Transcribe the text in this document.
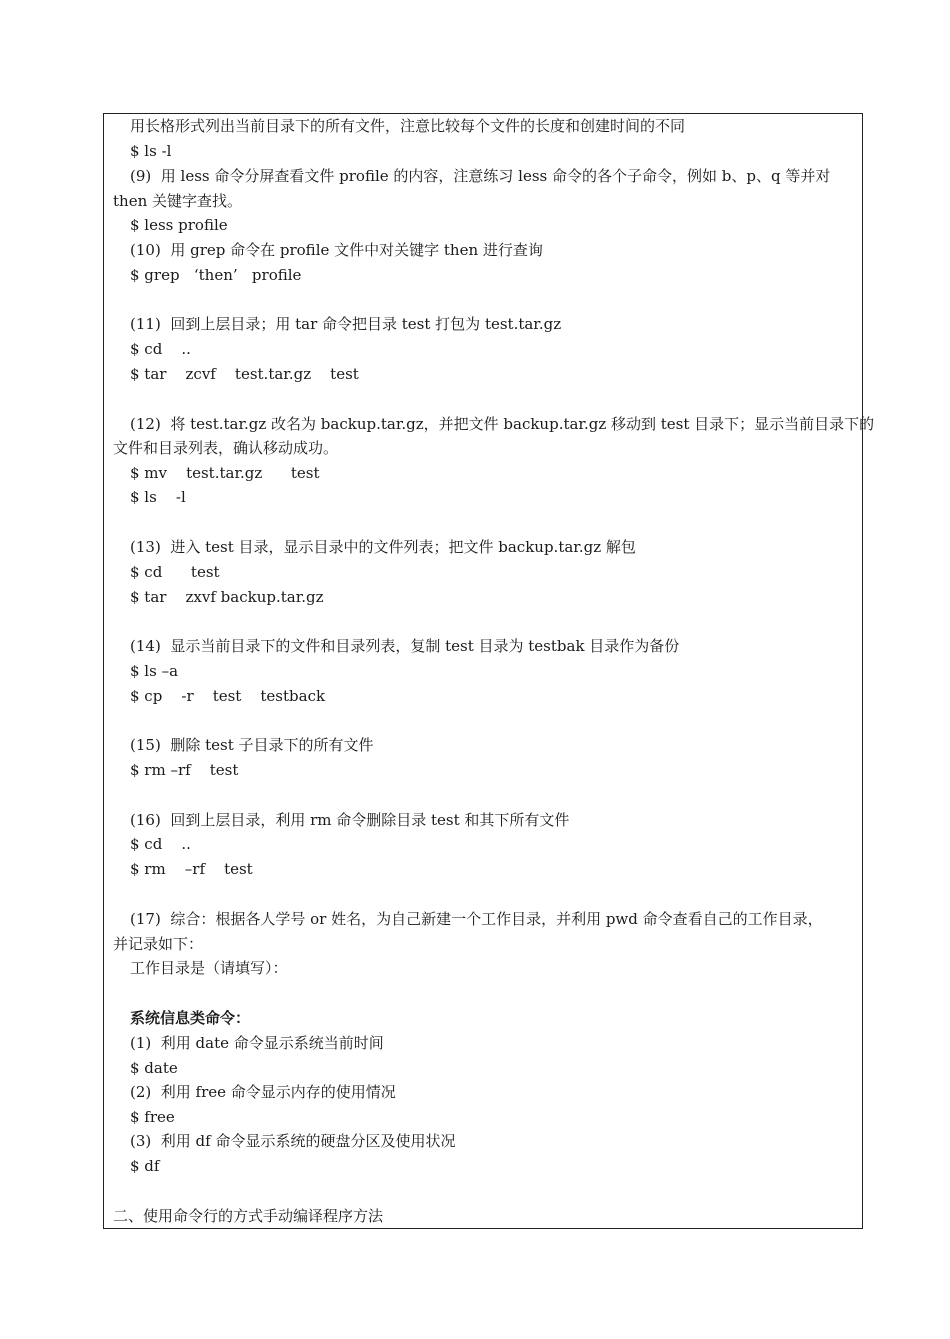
用长格形式列出当前目录下的所有文件，注意比较每个文件的长度和创建时间的不同
$ ls -l
(9)  用 less 命令分屏查看文件 profile 的内容，注意练习 less 命令的各个子命令，例如 b、p、q 等并对
then 关键字查找。
$ less profile
(10)  用 grep 命令在 profile 文件中对关键字 then 进行查询
$ grep   ‘then’   profile
(11)  回到上层目录；用 tar 命令把目录 test 打包为 test.tar.gz
$ cd    ..
$ tar    zcvf    test.tar.gz    test
(12)  将 test.tar.gz 改名为 backup.tar.gz，并把文件 backup.tar.gz 移动到 test 目录下；显示当前目录下的
文件和目录列表，确认移动成功。
$ mv    test.tar.gz      test
$ ls    -l
(13)  进入 test 目录，显示目录中的文件列表；把文件 backup.tar.gz 解包
$ cd      test
$ tar    zxvf backup.tar.gz
(14)  显示当前目录下的文件和目录列表，复制 test 目录为 testbak 目录作为备份
$ ls –a
$ cp    -r    test    testback
(15)  删除 test 子目录下的所有文件
$ rm –rf    test
(16)  回到上层目录，利用 rm 命令删除目录 test 和其下所有文件
$ cd    ..
$ rm    –rf    test
(17)  综合：根据各人学号 or 姓名，为自己新建一个工作目录，并利用 pwd 命令查看自己的工作目录，
并记录如下：
工作目录是（请填写）：
系统信息类命令：
(1)  利用 date 命令显示系统当前时间
$ date
(2)  利用 free 命令显示内存的使用情况
$ free
(3)  利用 df 命令显示系统的硬盘分区及使用状况
$ df
二、使用命令行的方式手动编译程序方法
